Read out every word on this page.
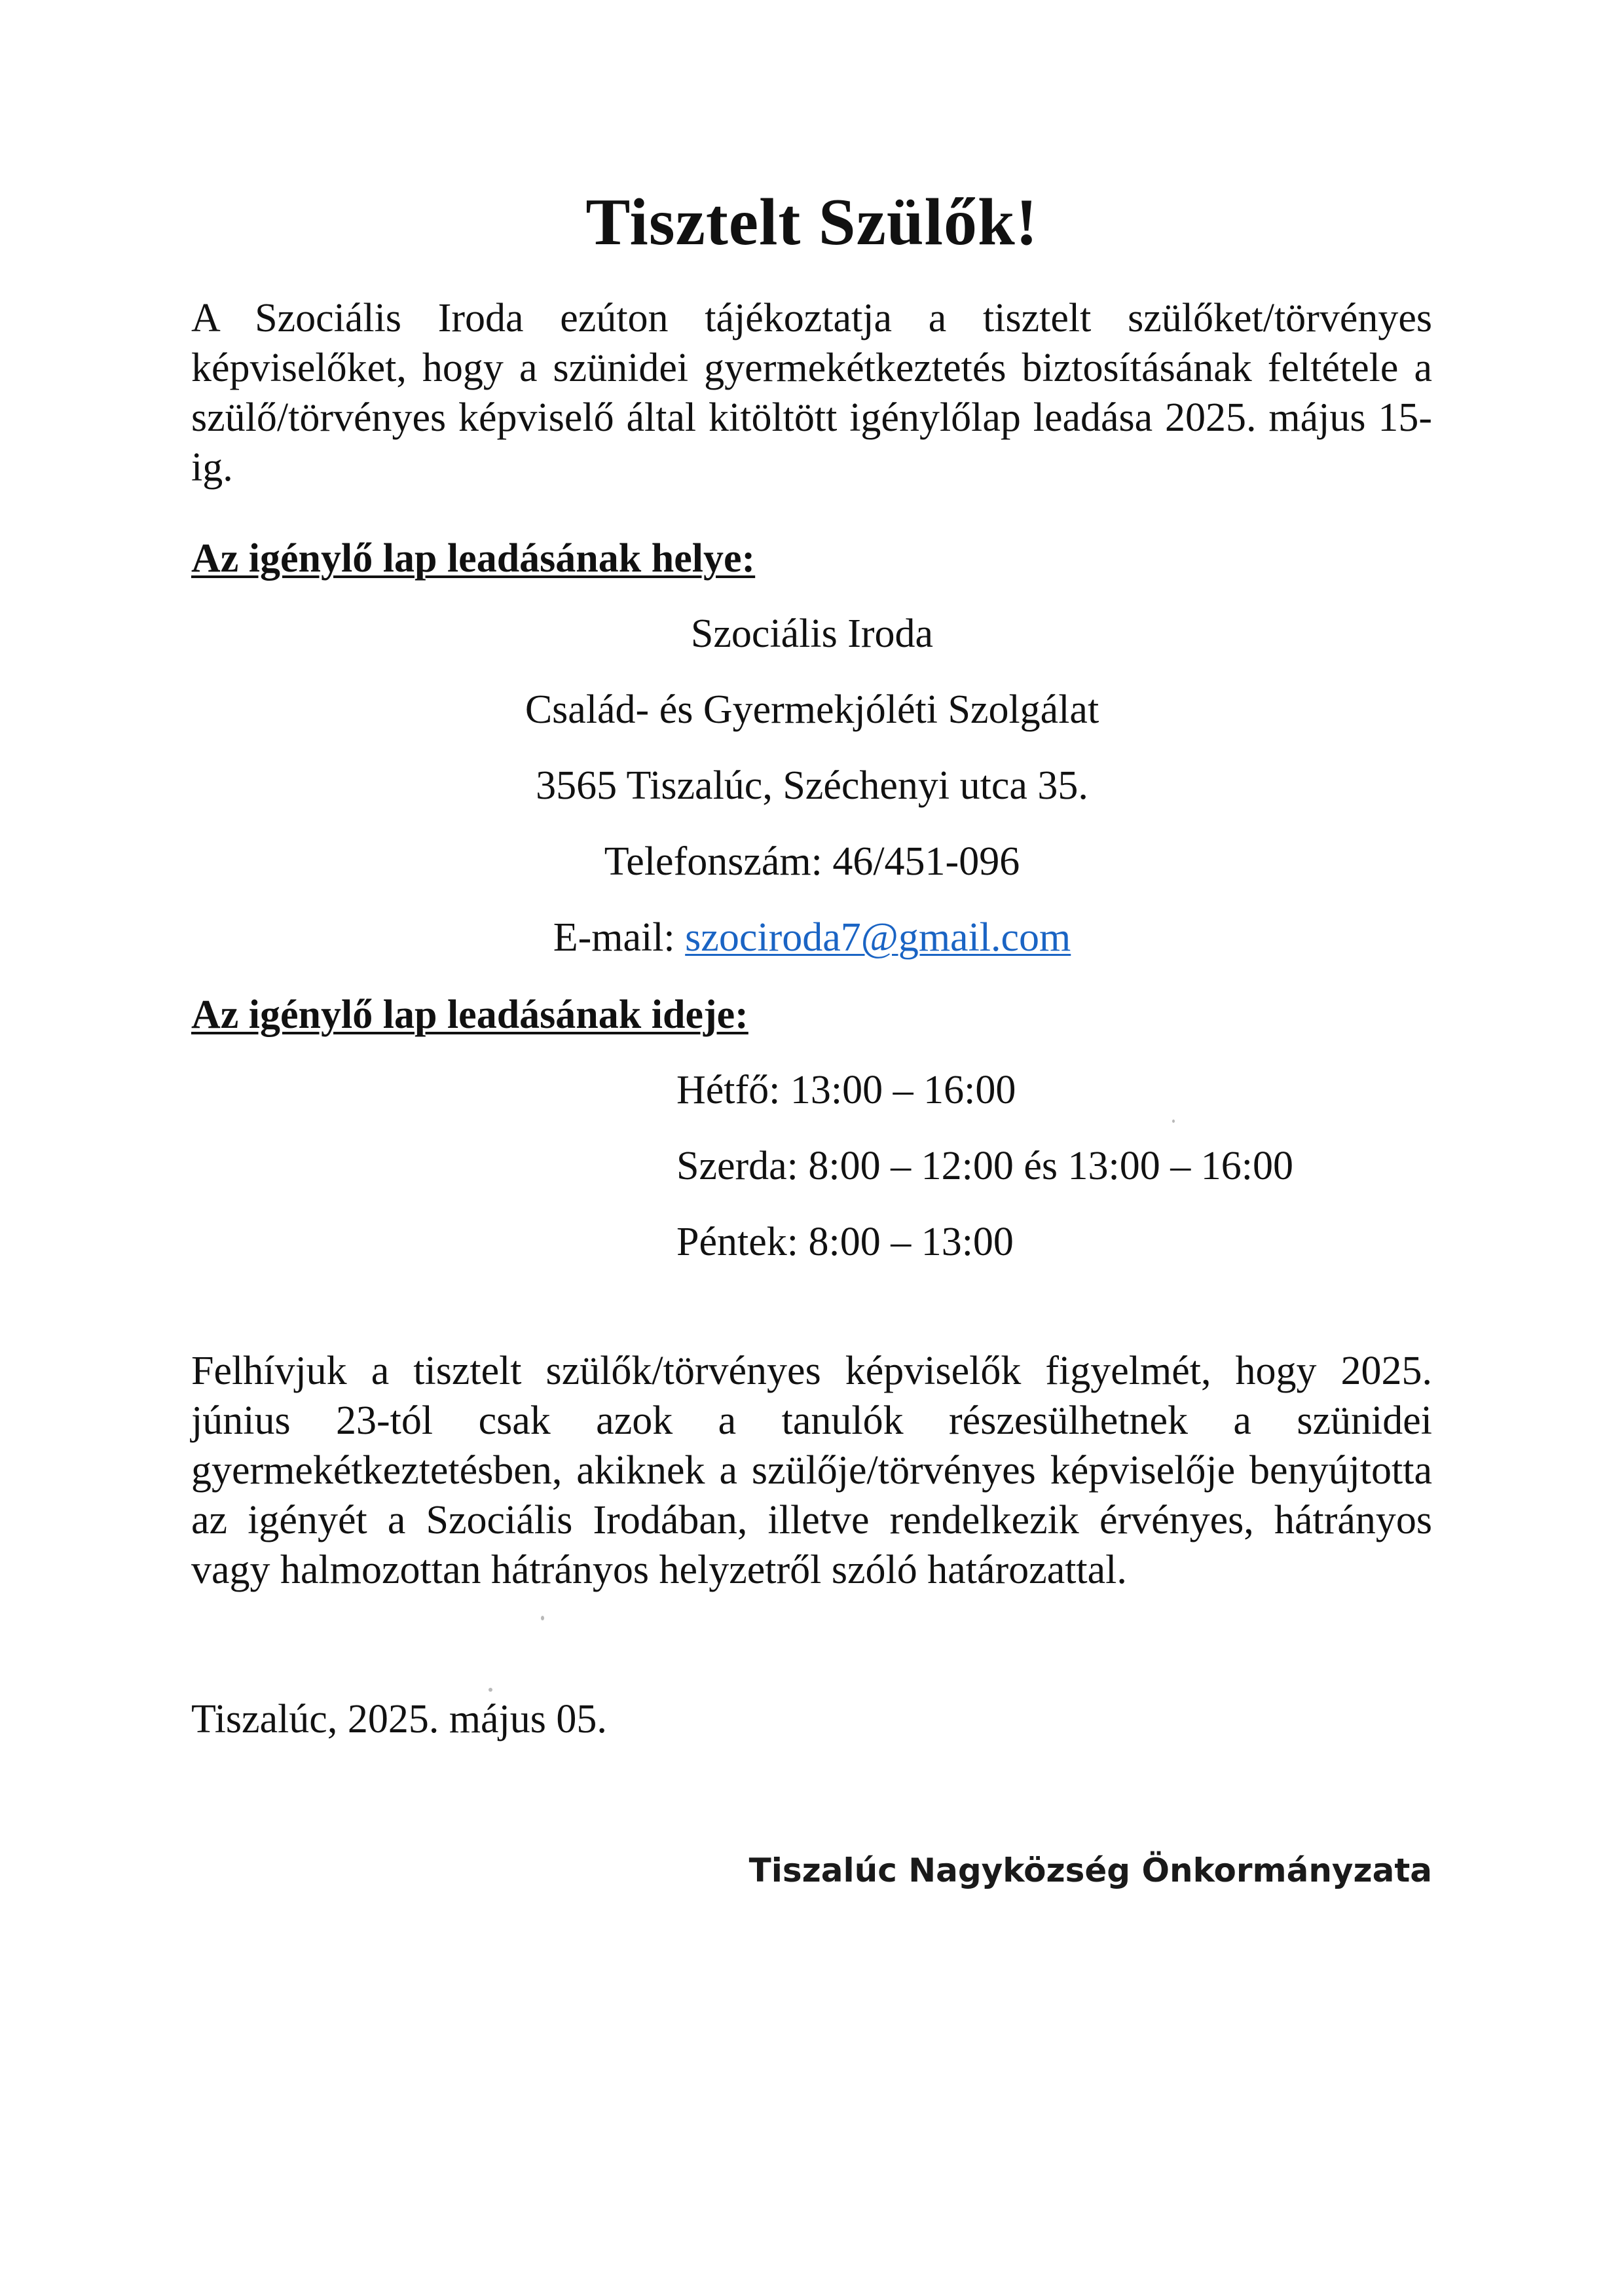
Tisztelt Szülők!

A Szociális Iroda ezúton tájékoztatja a tisztelt szülőket/törvényes képviselőket, hogy a szünidei gyermekétkeztetés biztosításának feltétele a szülő/törvényes képviselő által kitöltött igénylőlap leadása 2025. május 15-ig.

Az igénylő lap leadásának helye:
Szociális Iroda
Család- és Gyermekjóléti Szolgálat
3565 Tiszalúc, Széchenyi utca 35.
Telefonszám: 46/451-096
E-mail: szociroda7@gmail.com
Az igénylő lap leadásának ideje:
Hétfő: 13:00 – 16:00
Szerda: 8:00 – 12:00 és 13:00 – 16:00
Péntek: 8:00 – 13:00

Felhívjuk a tisztelt szülők/törvényes képviselők figyelmét, hogy 2025. június 23-tól csak azok a tanulók részesülhetnek a szünidei gyermekétkeztetésben, akiknek a szülője/törvényes képviselője benyújtotta az igényét a Szociális Irodában, illetve rendelkezik érvényes, hátrányos vagy halmozottan hátrányos helyzetről szóló határozattal.

Tiszalúc, 2025. május 05.
Tiszalúc Nagyközség Önkormányzata
